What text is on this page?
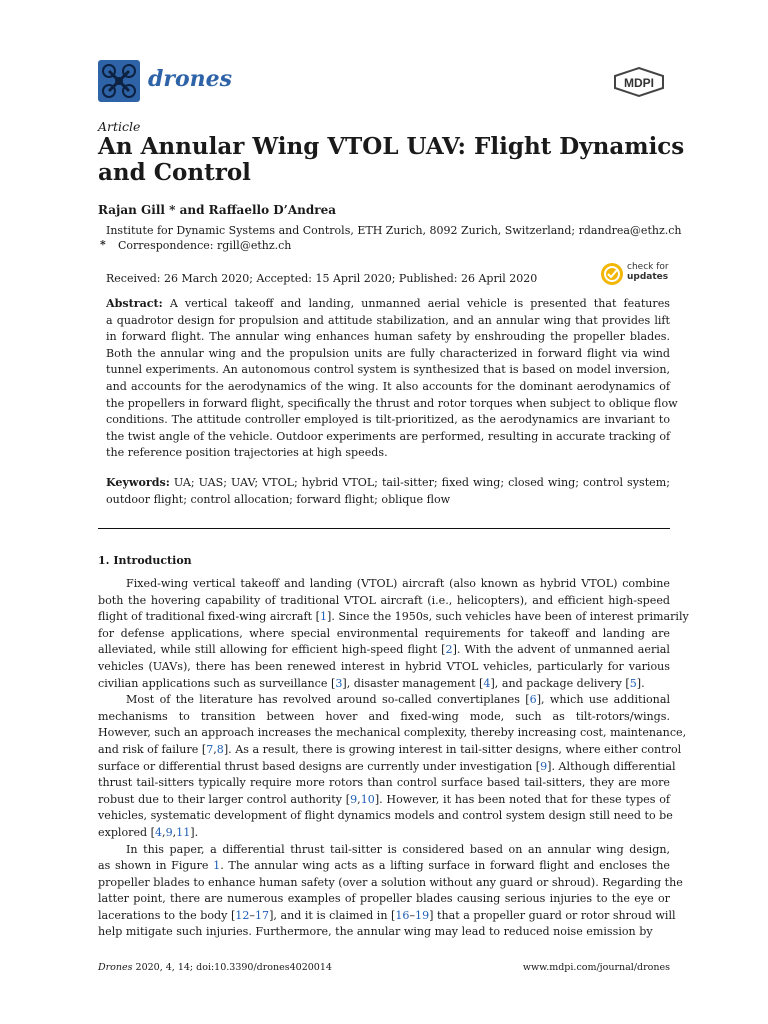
drones	MDPI
Article
An Annular Wing VTOL UAV: Flight Dynamics and Control
Rajan Gill * and Raffaello D’Andrea
Institute for Dynamic Systems and Controls, ETH Zurich, 8092 Zurich, Switzerland; rdandrea@ethz.ch
* Correspondence: rgill@ethz.ch
Received: 26 March 2020; Accepted: 15 April 2020; Published: 26 April 2020
check for
updates
Abstract: A vertical takeoff and landing, unmanned aerial vehicle is presented that features
a quadrotor design for propulsion and attitude stabilization, and an annular wing that provides lift
in forward flight. The annular wing enhances human safety by enshrouding the propeller blades.
Both the annular wing and the propulsion units are fully characterized in forward flight via wind
tunnel experiments. An autonomous control system is synthesized that is based on model inversion,
and accounts for the aerodynamics of the wing. It also accounts for the dominant aerodynamics of
the propellers in forward flight, specifically the thrust and rotor torques when subject to oblique flow
conditions. The attitude controller employed is tilt-prioritized, as the aerodynamics are invariant to
the twist angle of the vehicle. Outdoor experiments are performed, resulting in accurate tracking of
the reference position trajectories at high speeds.
Keywords: UA; UAS; UAV; VTOL; hybrid VTOL; tail-sitter; fixed wing; closed wing; control system;
outdoor flight; control allocation; forward flight; oblique flow
1. Introduction
Fixed-wing vertical takeoff and landing (VTOL) aircraft (also known as hybrid VTOL) combine
both the hovering capability of traditional VTOL aircraft (i.e., helicopters), and efficient high-speed
flight of traditional fixed-wing aircraft [1]. Since the 1950s, such vehicles have been of interest primarily
for defense applications, where special environmental requirements for takeoff and landing are
alleviated, while still allowing for efficient high-speed flight [2]. With the advent of unmanned aerial
vehicles (UAVs), there has been renewed interest in hybrid VTOL vehicles, particularly for various
civilian applications such as surveillance [3], disaster management [4], and package delivery [5].
Most of the literature has revolved around so-called convertiplanes [6], which use additional
mechanisms to transition between hover and fixed-wing mode, such as tilt-rotors/wings.
However, such an approach increases the mechanical complexity, thereby increasing cost, maintenance,
and risk of failure [7,8]. As a result, there is growing interest in tail-sitter designs, where either control
surface or differential thrust based designs are currently under investigation [9]. Although differential
thrust tail-sitters typically require more rotors than control surface based tail-sitters, they are more
robust due to their larger control authority [9,10]. However, it has been noted that for these types of
vehicles, systematic development of flight dynamics models and control system design still need to be
explored [4,9,11].
In this paper, a differential thrust tail-sitter is considered based on an annular wing design,
as shown in Figure 1. The annular wing acts as a lifting surface in forward flight and encloses the
propeller blades to enhance human safety (over a solution without any guard or shroud). Regarding the
latter point, there are numerous examples of propeller blades causing serious injuries to the eye or
lacerations to the body [12–17], and it is claimed in [16–19] that a propeller guard or rotor shroud will
help mitigate such injuries. Furthermore, the annular wing may lead to reduced noise emission by
Drones 2020, 4, 14; doi:10.3390/drones4020014	www.mdpi.com/journal/drones
